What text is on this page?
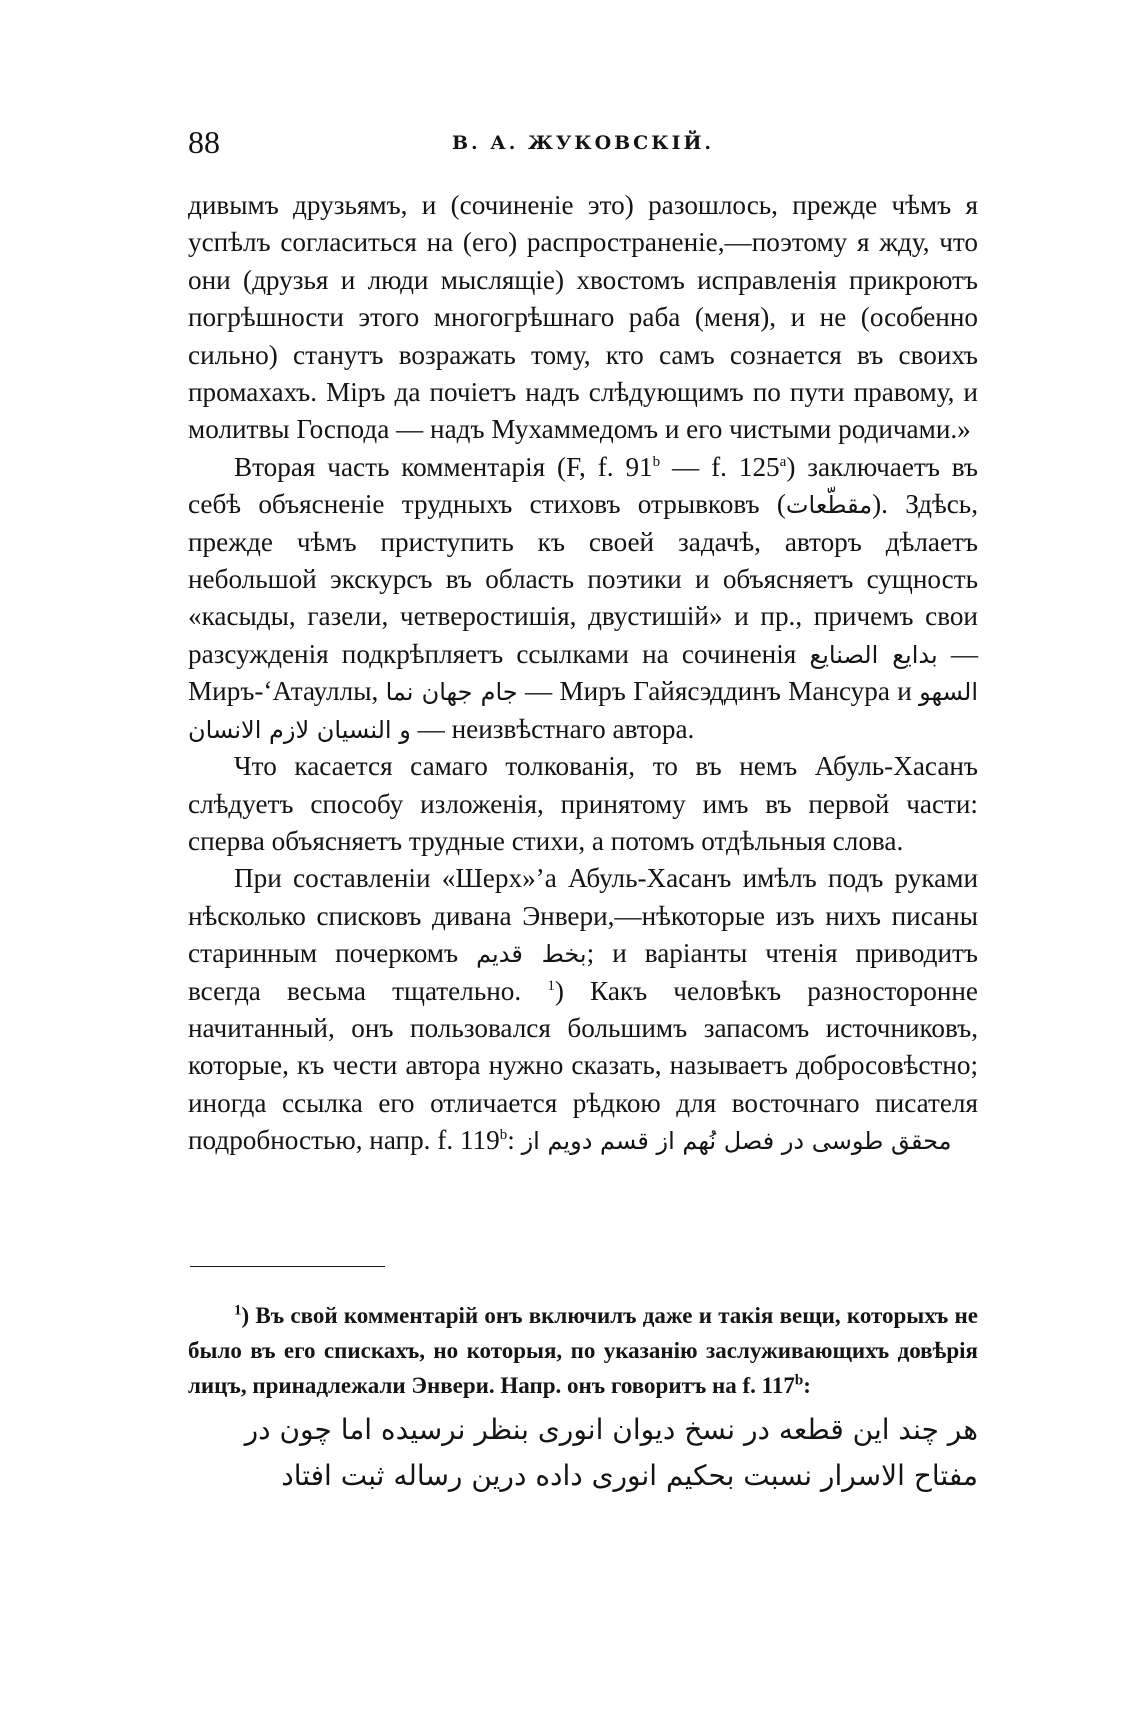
88	В. А. ЖУКОВСКІЙ.

дивымъ друзьямъ, и (сочиненіе это) разошлось, прежде чѣмъ я успѣлъ согласиться на (его) распространеніе,—поэтому я жду, что они (друзья и люди мыслящіе) хвостомъ исправленія прикроютъ погрѣшности этого многогрѣшнаго раба (меня), и не (особенно сильно) станутъ возражать тому, кто самъ сознается въ своихъ промахахъ. Міръ да почіетъ надъ слѣдующимъ по пути правому, и молитвы Господа — надъ Мухаммедомъ и его чистыми родичами.»

Вторая часть комментарія (F, f. 91$^b$ — f. 125$^a$) заключаетъ въ себѣ объясненіе трудныхъ стиховъ отрывковъ (مقطّعات). Здѣсь, прежде чѣмъ приступить къ своей задачѣ, авторъ дѣлаетъ небольшой экскурсъ въ область поэтики и объясняетъ сущность «касыды, газели, четверостишія, двустишій» и пр., причемъ свои разсужденія подкрѣпляетъ ссылками на сочиненія بدايع الصنايع — Миръ-‘Атауллы, جام جهان نما — Миръ Гайясэддинъ Мансура и السهو و النسيان لازم الانسان — неизвѣстнаго автора.

Что касается самаго толкованія, то въ немъ Абуль-Хасанъ слѣдуетъ способу изложенія, принятому имъ въ первой части: сперва объясняетъ трудные стихи, а потомъ отдѣльныя слова.

При составленіи «Шерх»’а Абуль-Хасанъ имѣлъ подъ руками нѣсколько списковъ дивана Энвери,—нѣкоторые изъ нихъ писаны старинным почеркомъ بخط قديم; и варіанты чтенія приводитъ всегда весьма тщательно. $^1$) Какъ человѣкъ разносторонне начитанный, онъ пользовался большимъ запасомъ источниковъ, которые, къ чести автора нужно сказать, называетъ добросовѣстно; иногда ссылка его отличается рѣдкою для восточнаго писателя подробностью, напр. f. 119$^b$: محقق طوسی در فصل نُهم از قسم دويم از

$^1$) Въ свой комментарій онъ включилъ даже и такія вещи, которыхъ не было въ его спискахъ, но которыя, по указанію заслуживающихъ довѣрія лицъ, принадлежали Энвери. Напр. онъ говоритъ на f. 117$^b$:

هر چند اين قطعه در نسخ ديوان انورى بنظر نرسيده اما چون در مفتاح الاسرار نسبت بحكيم انورى داده درين رساله ثبت افتاد
